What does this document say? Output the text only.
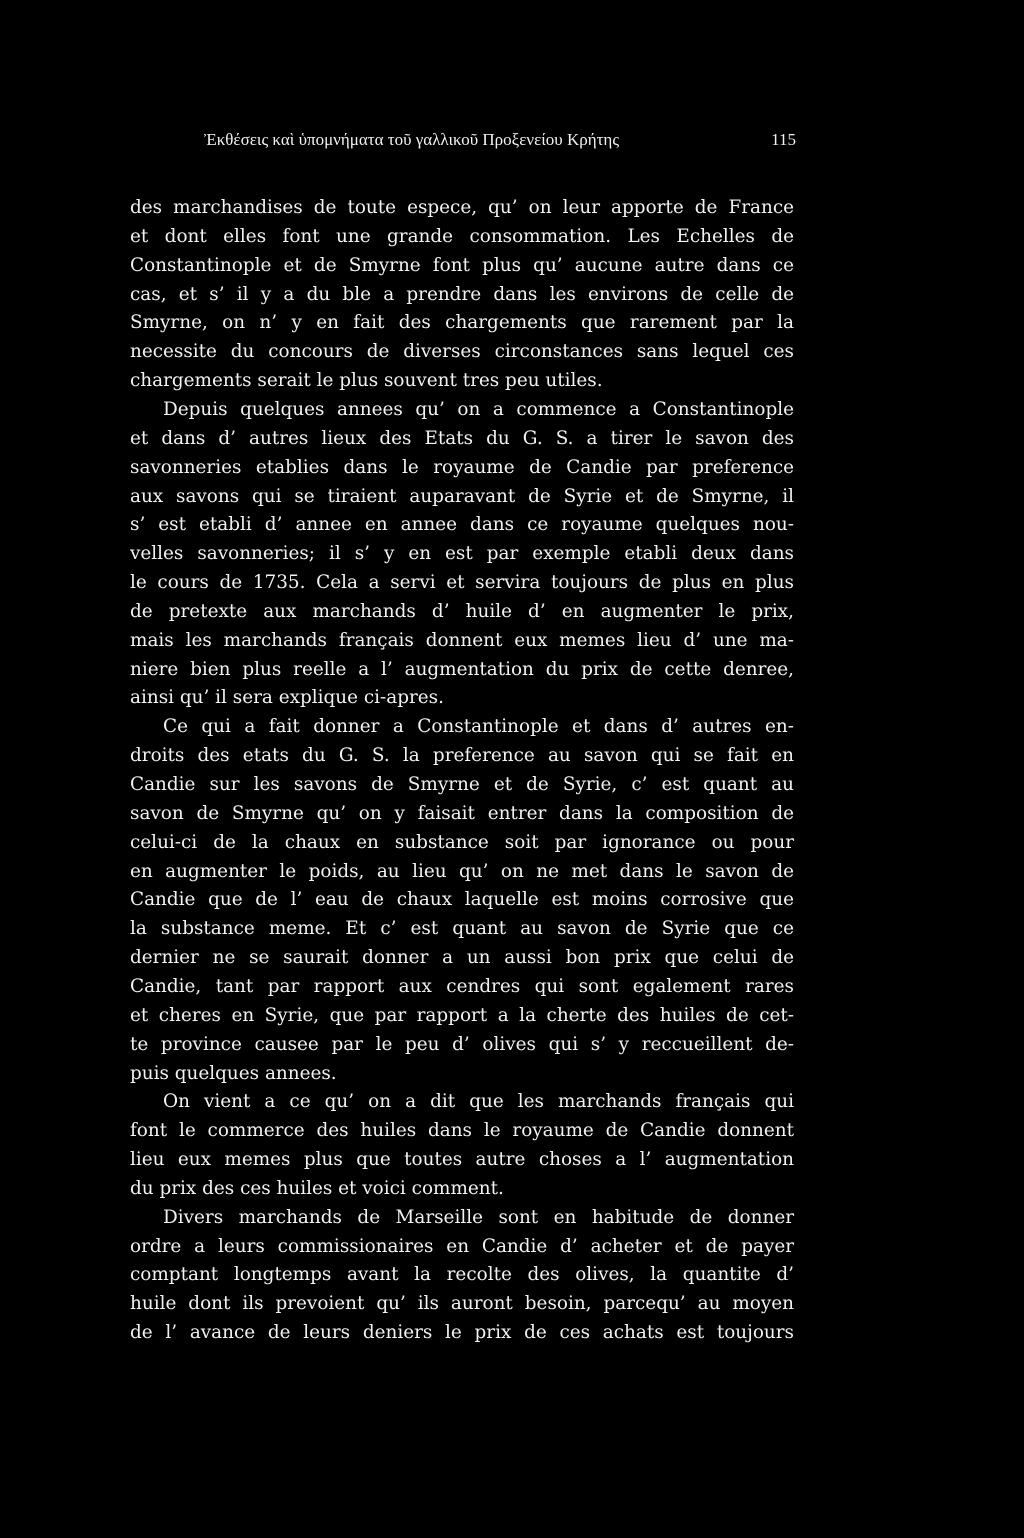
Ἐκθέσεις καὶ ὑπομνήματα τοῦ γαλλικοῦ Προξενείου Κρήτης	115
des marchandises de toute espece, qu’ on leur apporte de France
et dont elles font une grande consommation. Les Echelles de
Constantinople et de Smyrne font plus qu’ aucune autre dans ce
cas, et s’ il y a du ble a prendre dans les environs de celle de
Smyrne, on n’ y en fait des chargements que rarement par la
necessite du concours de diverses circonstances sans lequel ces
chargements serait le plus souvent tres peu utiles.
Depuis quelques annees qu’ on a commence a Constantinople
et dans d’ autres lieux des Etats du G. S. a tirer le savon des
savonneries etablies dans le royaume de Candie par preference
aux savons qui se tiraient auparavant de Syrie et de Smyrne, il
s’ est etabli d’ annee en annee dans ce royaume quelques nou-
velles savonneries; il s’ y en est par exemple etabli deux dans
le cours de 1735. Cela a servi et servira toujours de plus en plus
de pretexte aux marchands d’ huile d’ en augmenter le prix,
mais les marchands français donnent eux memes lieu d’ une ma-
niere bien plus reelle a l’ augmentation du prix de cette denree,
ainsi qu’ il sera explique ci-apres.
Ce qui a fait donner a Constantinople et dans d’ autres en-
droits des etats du G. S. la preference au savon qui se fait en
Candie sur les savons de Smyrne et de Syrie, c’ est quant au
savon de Smyrne qu’ on y faisait entrer dans la composition de
celui-ci de la chaux en substance soit par ignorance ou pour
en augmenter le poids, au lieu qu’ on ne met dans le savon de
Candie que de l’ eau de chaux laquelle est moins corrosive que
la substance meme. Et c’ est quant au savon de Syrie que ce
dernier ne se saurait donner a un aussi bon prix que celui de
Candie, tant par rapport aux cendres qui sont egalement rares
et cheres en Syrie, que par rapport a la cherte des huiles de cet-
te province causee par le peu d’ olives qui s’ y reccueillent de-
puis quelques annees.
On vient a ce qu’ on a dit que les marchands français qui
font le commerce des huiles dans le royaume de Candie donnent
lieu eux memes plus que toutes autre choses a l’ augmentation
du prix des ces huiles et voici comment.
Divers marchands de Marseille sont en habitude de donner
ordre a leurs commissionaires en Candie d’ acheter et de payer
comptant longtemps avant la recolte des olives, la quantite d’
huile dont ils prevoient qu’ ils auront besoin, parcequ’ au moyen
de l’ avance de leurs deniers le prix de ces achats est toujours
